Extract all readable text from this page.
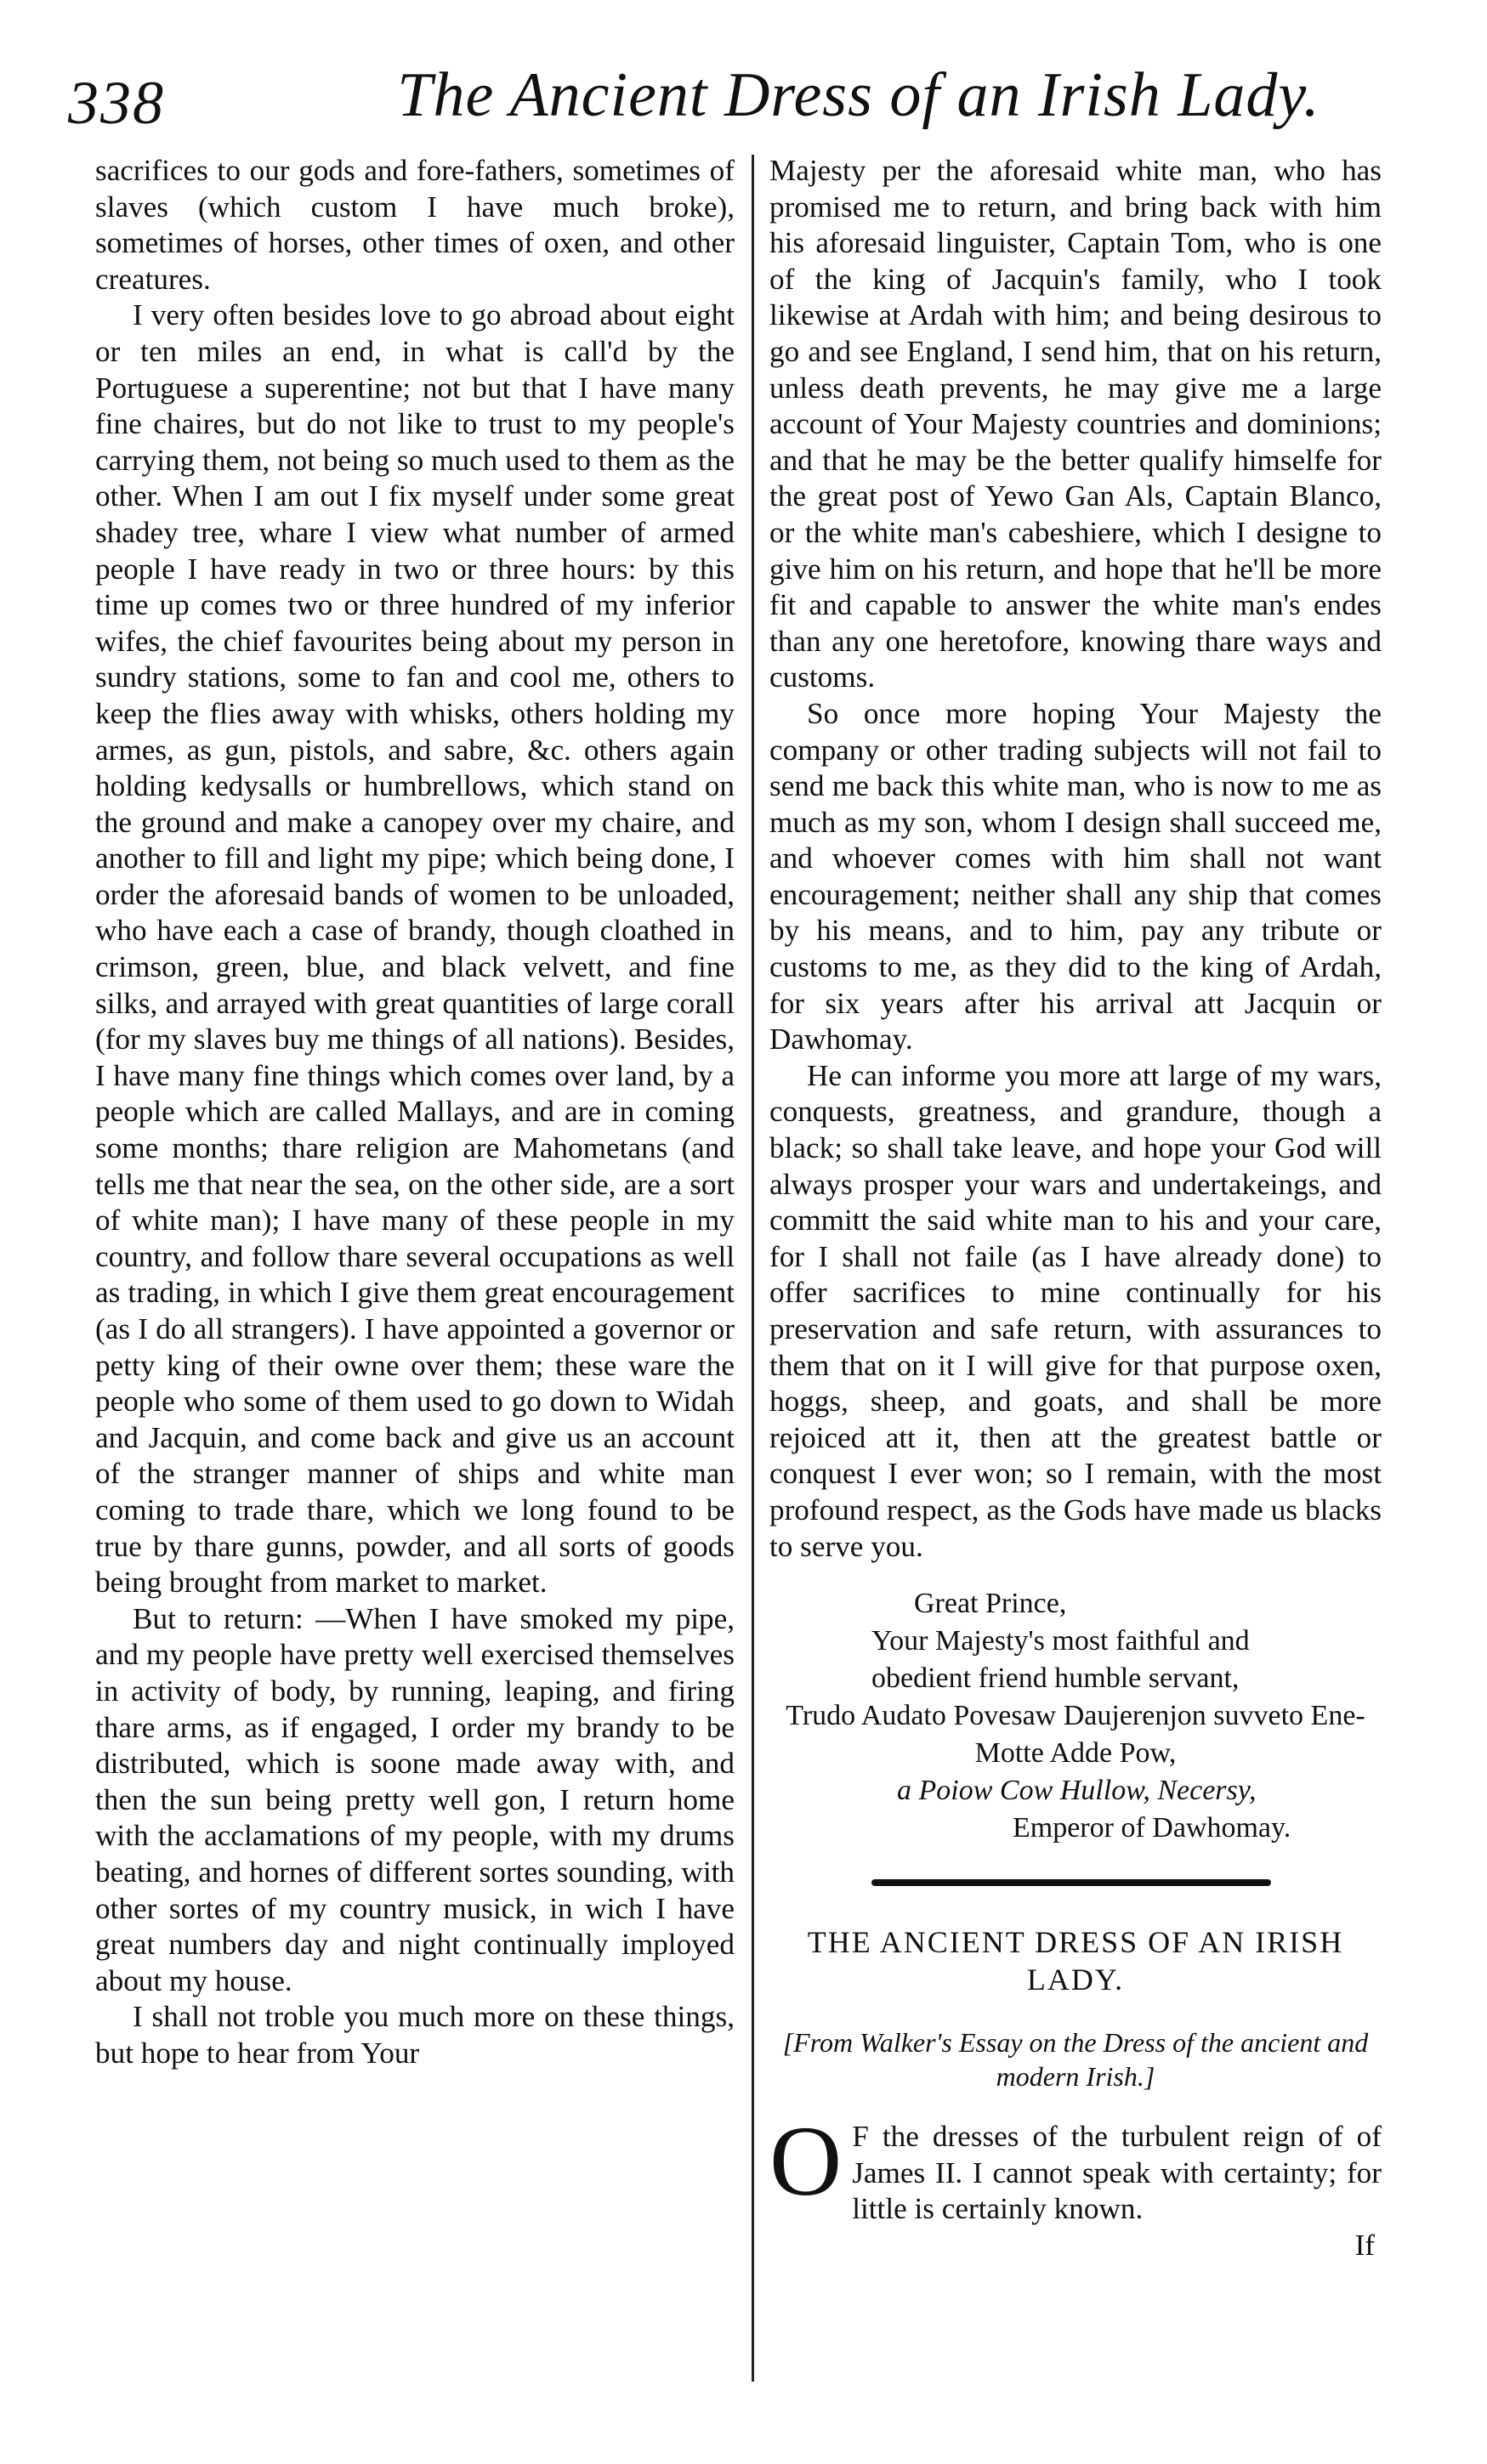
338	The Ancient Dress of an Irish Lady.

sacrifices to our gods and fore-fathers, sometimes of slaves (which custom I have much broke), sometimes of horses, other times of oxen, and other creatures.

I very often besides love to go abroad about eight or ten miles an end, in what is call'd by the Portuguese a superentine; not but that I have many fine chaires, but do not like to trust to my people's carrying them, not being so much used to them as the other. When I am out I fix myself under some great shadey tree, whare I view what number of armed people I have ready in two or three hours: by this time up comes two or three hundred of my inferior wifes, the chief favourites being about my person in sundry stations, some to fan and cool me, others to keep the flies away with whisks, others holding my armes, as gun, pistols, and sabre, &c. others again holding kedysalls or humbrellows, which stand on the ground and make a canopey over my chaire, and another to fill and light my pipe; which being done, I order the aforesaid bands of women to be unloaded, who have each a case of brandy, though cloathed in crimson, green, blue, and black velvett, and fine silks, and arrayed with great quantities of large corall (for my slaves buy me things of all nations). Besides, I have many fine things which comes over land, by a people which are called Mallays, and are in coming some months; thare religion are Mahometans (and tells me that near the sea, on the other side, are a sort of white man); I have many of these people in my country, and follow thare several occupations as well as trading, in which I give them great encouragement (as I do all strangers). I have appointed a governor or petty king of their owne over them; these ware the people who some of them used to go down to Widah and Jacquin, and come back and give us an account of the stranger manner of ships and white man coming to trade thare, which we long found to be true by thare gunns, powder, and all sorts of goods being brought from market to market.

But to return: —When I have smoked my pipe, and my people have pretty well exercised themselves in activity of body, by running, leaping, and firing thare arms, as if engaged, I order my brandy to be distributed, which is soone made away with, and then the sun being pretty well gon, I return home with the acclamations of my people, with my drums beating, and hornes of different sortes sounding, with other sortes of my country musick, in wich I have great numbers day and night continually imployed about my house.

I shall not troble you much more on these things, but hope to hear from Your

Majesty per the aforesaid white man, who has promised me to return, and bring back with him his aforesaid linguister, Captain Tom, who is one of the king of Jacquin's family, who I took likewise at Ardah with him; and being desirous to go and see England, I send him, that on his return, unless death prevents, he may give me a large account of Your Majesty countries and dominions; and that he may be the better qualify himselfe for the great post of Yewo Gan Als, Captain Blanco, or the white man's cabeshiere, which I designe to give him on his return, and hope that he'll be more fit and capable to answer the white man's endes than any one heretofore, knowing thare ways and customs.

So once more hoping Your Majesty the company or other trading subjects will not fail to send me back this white man, who is now to me as much as my son, whom I design shall succeed me, and whoever comes with him shall not want encouragement; neither shall any ship that comes by his means, and to him, pay any tribute or customs to me, as they did to the king of Ardah, for six years after his arrival att Jacquin or Dawhomay.

He can informe you more att large of my wars, conquests, greatness, and grandure, though a black; so shall take leave, and hope your God will always prosper your wars and undertakeings, and committ the said white man to his and your care, for I shall not faile (as I have already done) to offer sacrifices to mine continually for his preservation and safe return, with assurances to them that on it I will give for that purpose oxen, hoggs, sheep, and goats, and shall be more rejoiced att it, then att the greatest battle or conquest I ever won; so I remain, with the most profound respect, as the Gods have made us blacks to serve you.

Great Prince,
Your Majesty's most faithful and
obedient friend humble servant,
Trudo Audato Povesaw Daujerenjon suvveto Ene-Motte Adde Pow,
a Poiow Cow Hullow, Necersy,
Emperor of Dawhomay.
THE ANCIENT DRESS OF AN IRISH LADY.
[From Walker's Essay on the Dress of the ancient and modern Irish.]
O F the dresses of the turbulent reign of of James II. I cannot speak with certainty; for little is certainly known.
If
